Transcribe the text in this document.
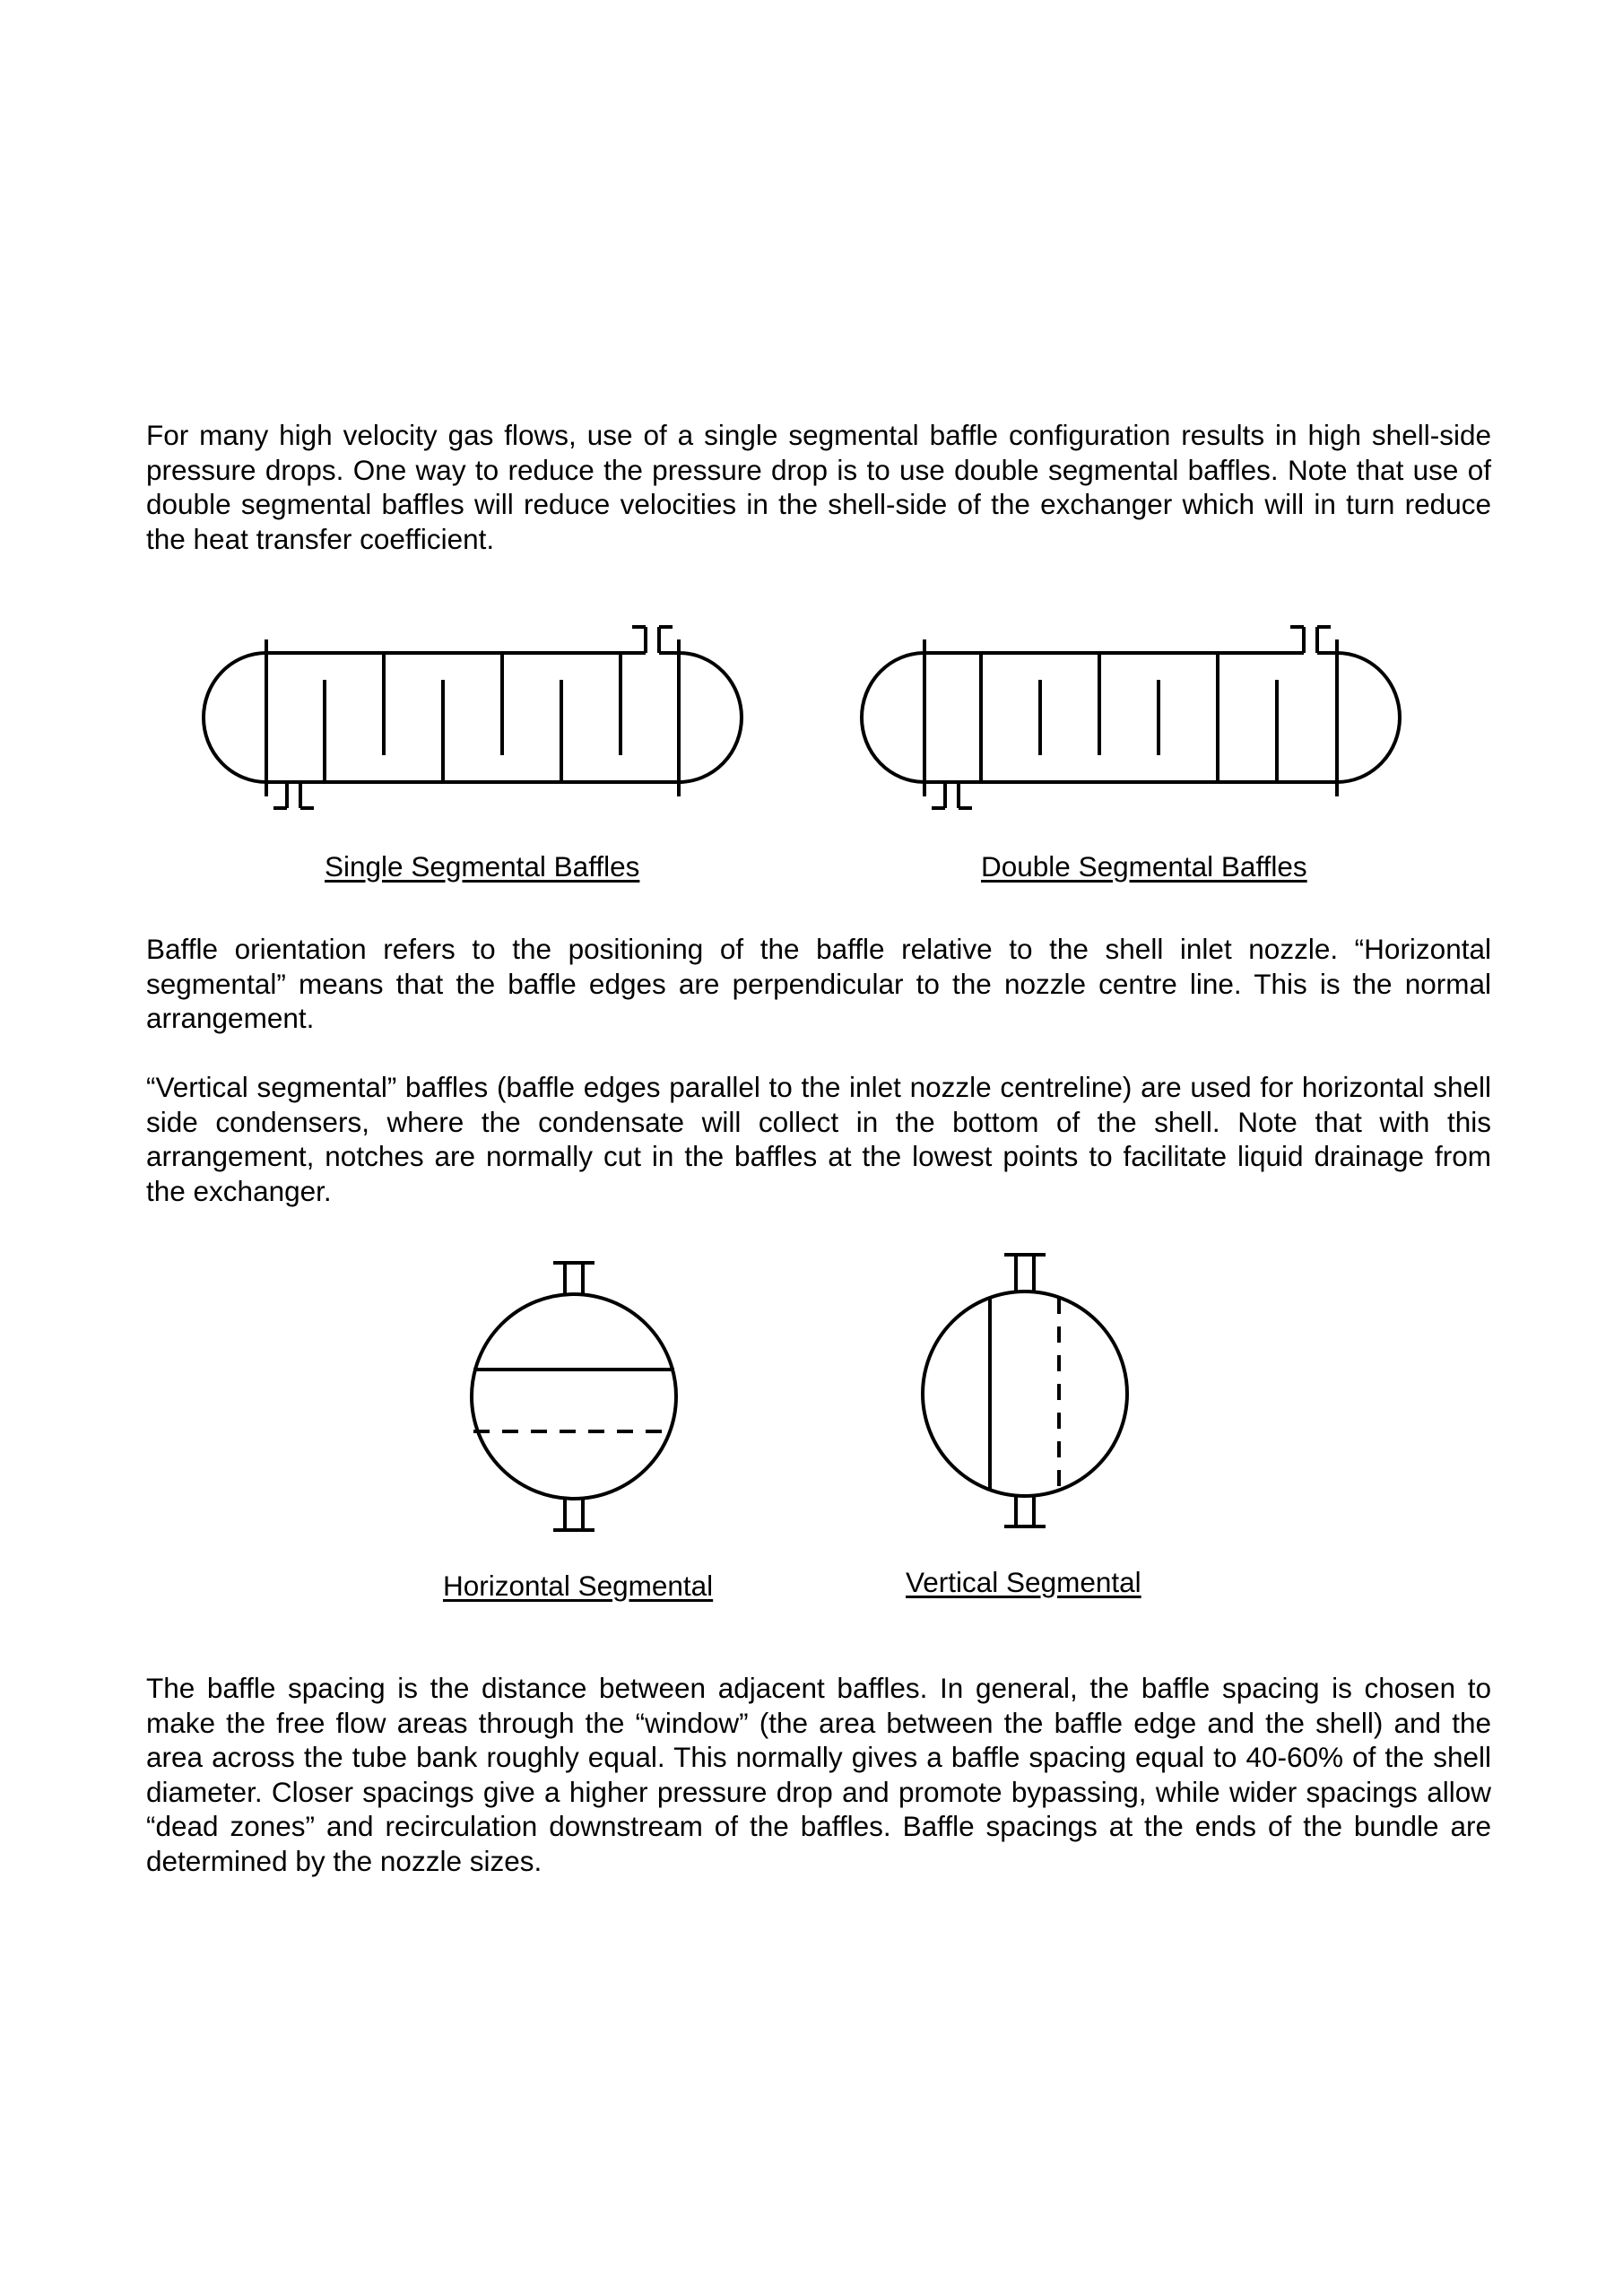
For many high velocity gas flows, use of a single segmental baffle configuration results in high shell-side pressure drops. One way to reduce the pressure drop is to use double segmental baffles. Note that use of double segmental baffles will reduce velocities in the shell-side of the exchanger which will in turn reduce the heat transfer coefficient.

Single Segmental Baffles	Double Segmental Baffles

Baffle orientation refers to the positioning of the baffle relative to the shell inlet nozzle. “Horizontal segmental” means that the baffle edges are perpendicular to the nozzle centre line. This is the normal arrangement.

“Vertical segmental” baffles (baffle edges parallel to the inlet nozzle centreline) are used for horizontal shell side condensers, where the condensate will collect in the bottom of the shell. Note that with this arrangement, notches are normally cut in the baffles at the lowest points to facilitate liquid drainage from the exchanger.

Horizontal Segmental	Vertical Segmental

The baffle spacing is the distance between adjacent baffles. In general, the baffle spacing is chosen to make the free flow areas through the “window” (the area between the baffle edge and the shell) and the area across the tube bank roughly equal. This normally gives a baffle spacing equal to 40-60% of the shell diameter. Closer spacings give a higher pressure drop and promote bypassing, while wider spacings allow “dead zones” and recirculation downstream of the baffles. Baffle spacings at the ends of the bundle are determined by the nozzle sizes.
